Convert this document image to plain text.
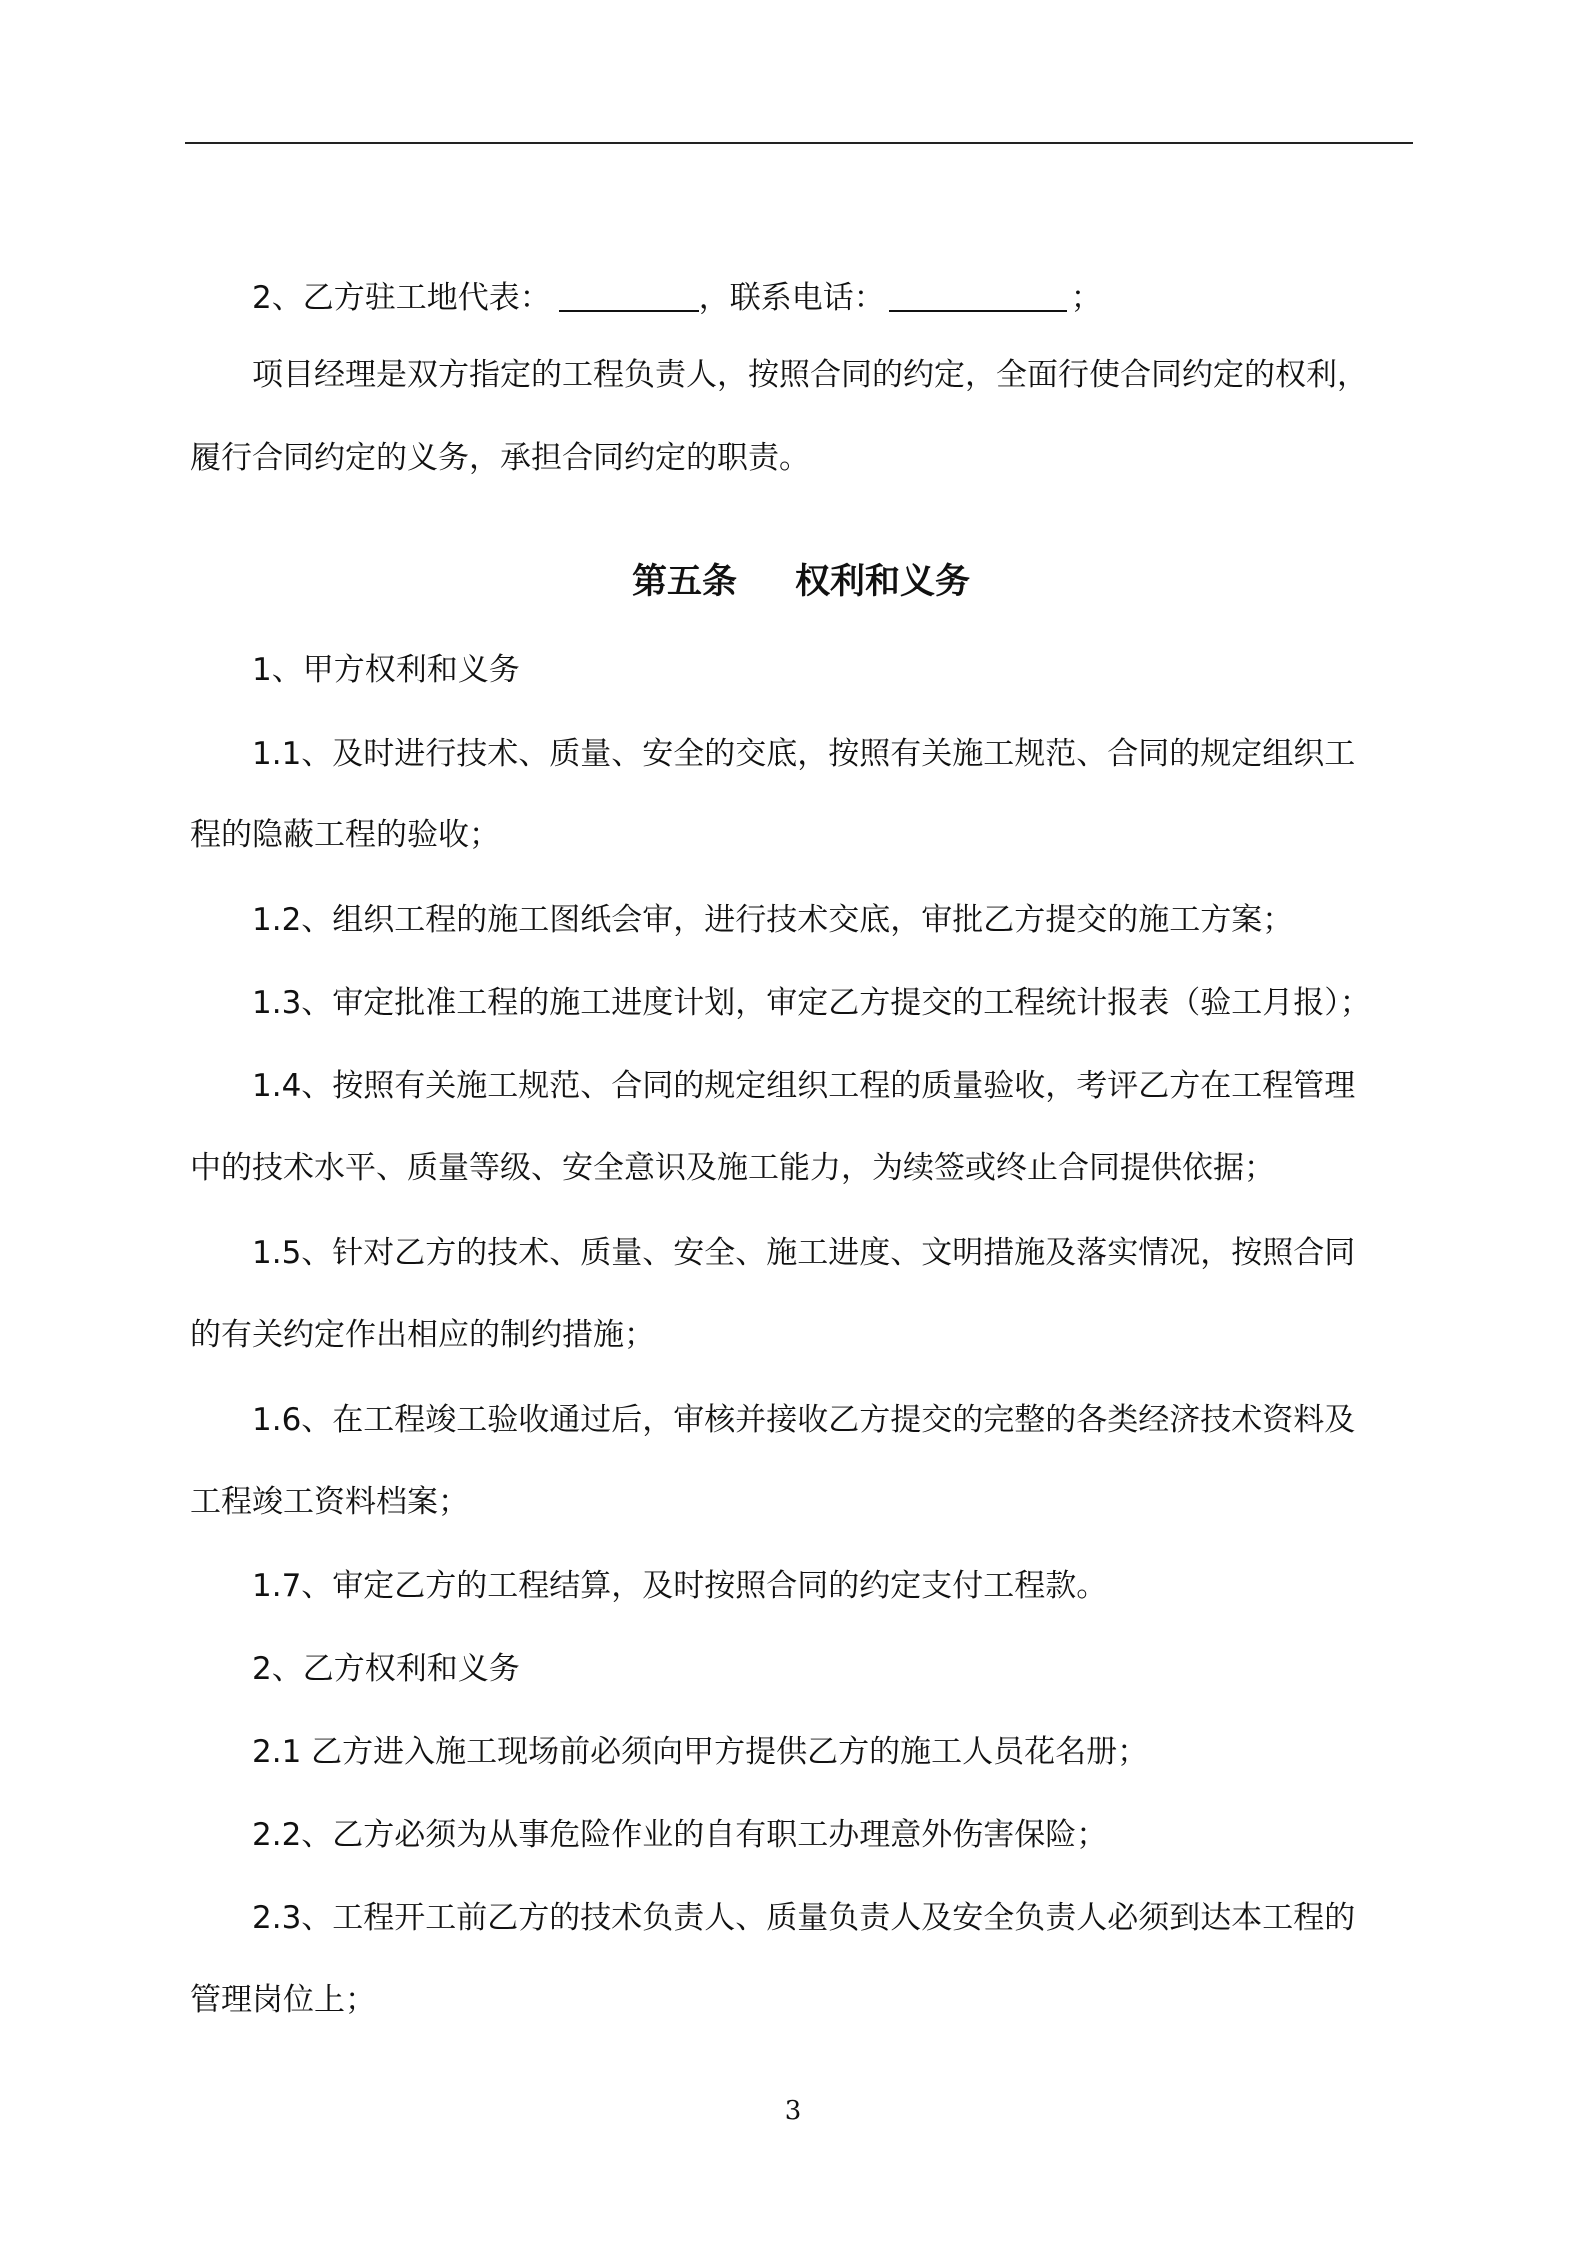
2、乙方驻工地代表：	，联系电话：	；
项目经理是双方指定的工程负责人，按照合同的约定，全面行使合同约定的权利，
履行合同约定的义务，承担合同约定的职责。
第五条 权利和义务
1、甲方权利和义务
1.1、及时进行技术、质量、安全的交底，按照有关施工规范、合同的规定组织工
程的隐蔽工程的验收；
1.2、组织工程的施工图纸会审，进行技术交底，审批乙方提交的施工方案；
1.3、审定批准工程的施工进度计划，审定乙方提交的工程统计报表（验工月报）；
1.4、按照有关施工规范、合同的规定组织工程的质量验收，考评乙方在工程管理
中的技术水平、质量等级、安全意识及施工能力，为续签或终止合同提供依据；
1.5、针对乙方的技术、质量、安全、施工进度、文明措施及落实情况，按照合同
的有关约定作出相应的制约措施；
1.6、在工程竣工验收通过后，审核并接收乙方提交的完整的各类经济技术资料及
工程竣工资料档案；
1.7、审定乙方的工程结算，及时按照合同的约定支付工程款。
2、乙方权利和义务
2.1 乙方进入施工现场前必须向甲方提供乙方的施工人员花名册；
2.2、乙方必须为从事危险作业的自有职工办理意外伤害保险；
2.3、工程开工前乙方的技术负责人、质量负责人及安全负责人必须到达本工程的
管理岗位上；
3
